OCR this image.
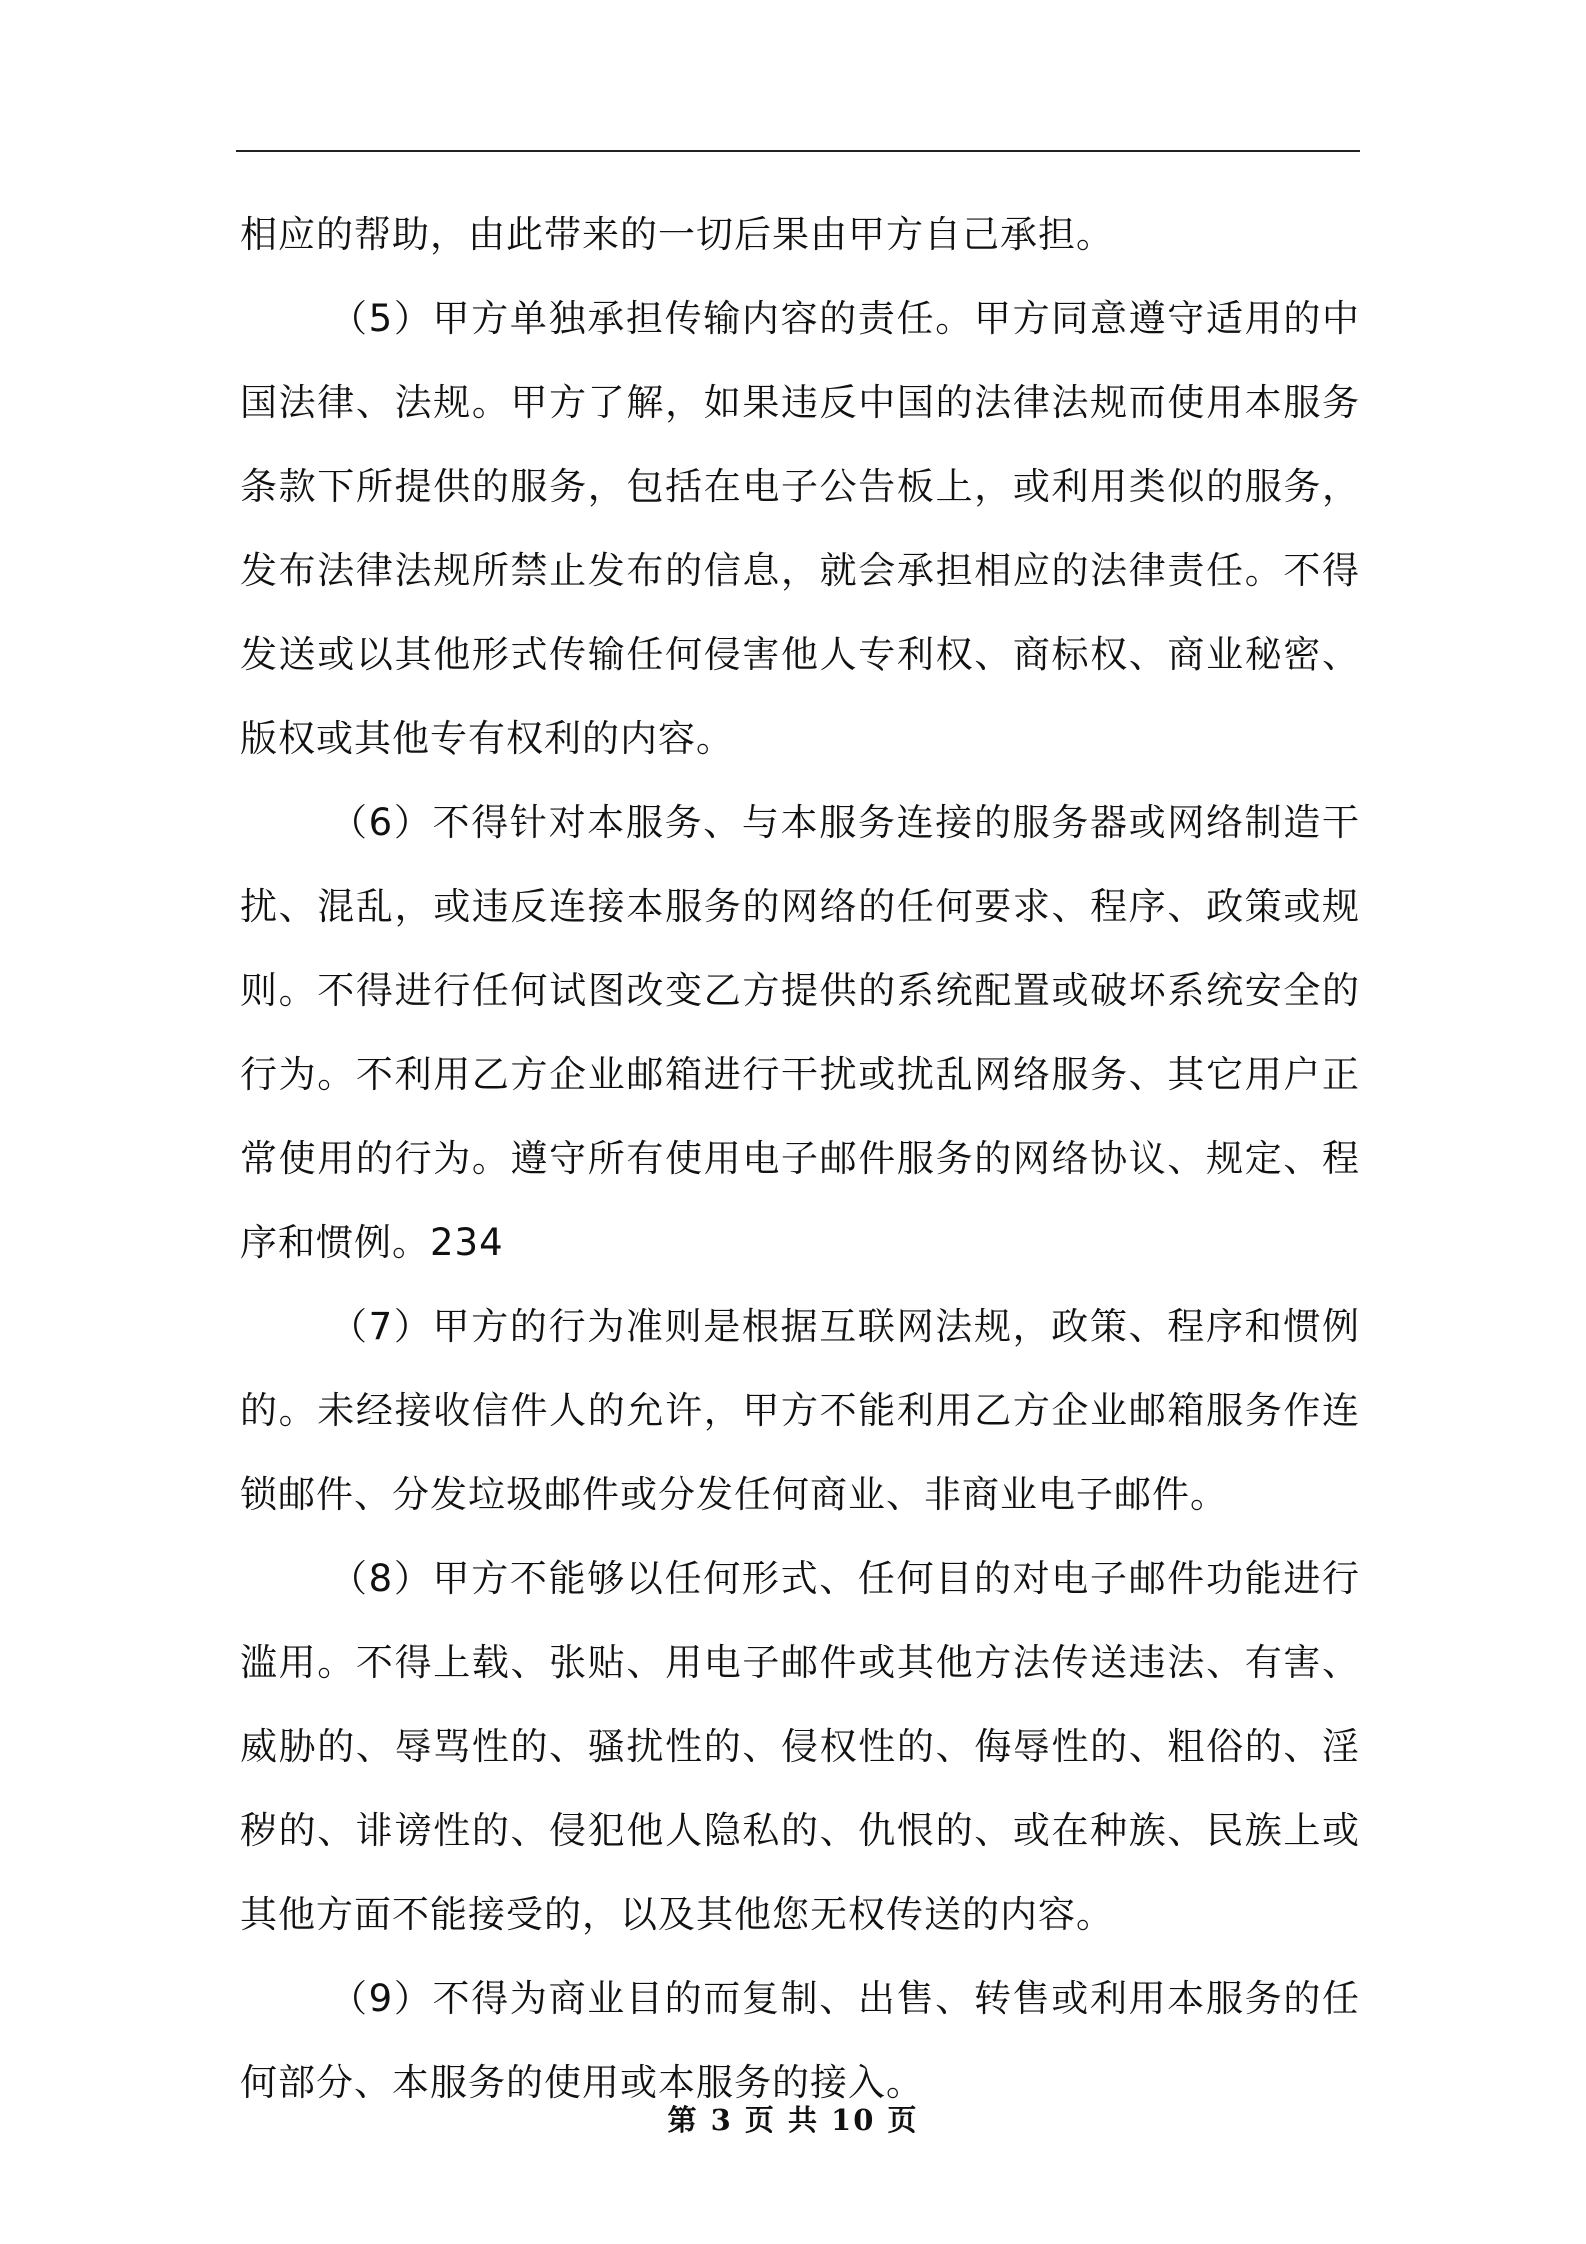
相应的帮助，由此带来的一切后果由甲方自己承担。

（5）甲方单独承担传输内容的责任。甲方同意遵守适用的中国法律、法规。甲方了解，如果违反中国的法律法规而使用本服务条款下所提供的服务，包括在电子公告板上，或利用类似的服务，发布法律法规所禁止发布的信息，就会承担相应的法律责任。不得发送或以其他形式传输任何侵害他人专利权、商标权、商业秘密、版权或其他专有权利的内容。

（6）不得针对本服务、与本服务连接的服务器或网络制造干扰、混乱，或违反连接本服务的网络的任何要求、程序、政策或规则。不得进行任何试图改变乙方提供的系统配置或破坏系统安全的行为。不利用乙方企业邮箱进行干扰或扰乱网络服务、其它用户正常使用的行为。遵守所有使用电子邮件服务的网络协议、规定、程序和惯例。234

（7）甲方的行为准则是根据互联网法规，政策、程序和惯例的。未经接收信件人的允许，甲方不能利用乙方企业邮箱服务作连锁邮件、分发垃圾邮件或分发任何商业、非商业电子邮件。

（8）甲方不能够以任何形式、任何目的对电子邮件功能进行滥用。不得上载、张贴、用电子邮件或其他方法传送违法、有害、威胁的、辱骂性的、骚扰性的、侵权性的、侮辱性的、粗俗的、淫秽的、诽谤性的、侵犯他人隐私的、仇恨的、或在种族、民族上或其他方面不能接受的，以及其他您无权传送的内容。

（9）不得为商业目的而复制、出售、转售或利用本服务的任何部分、本服务的使用或本服务的接入。

第 3 页 共 10 页
